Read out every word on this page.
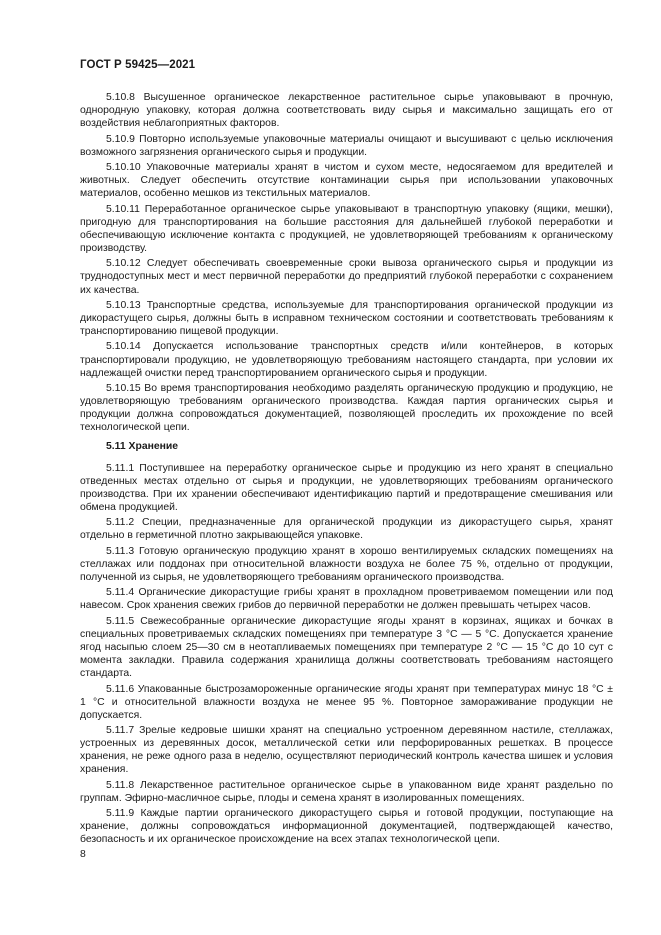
ГОСТ Р 59425—2021

5.10.8 Высушенное органическое лекарственное растительное сырье упаковывают в прочную, однородную упаковку, которая должна соответствовать виду сырья и максимально защищать его от воздействия неблагоприятных факторов.

5.10.9 Повторно используемые упаковочные материалы очищают и высушивают с целью исключения возможного загрязнения органического сырья и продукции.

5.10.10 Упаковочные материалы хранят в чистом и сухом месте, недосягаемом для вредителей и животных. Следует обеспечить отсутствие контаминации сырья при использовании упаковочных материалов, особенно мешков из текстильных материалов.

5.10.11 Переработанное органическое сырье упаковывают в транспортную упаковку (ящики, мешки), пригодную для транспортирования на большие расстояния для дальнейшей глубокой переработки и обеспечивающую исключение контакта с продукцией, не удовлетворяющей требованиям к органическому производству.

5.10.12 Следует обеспечивать своевременные сроки вывоза органического сырья и продукции из труднодоступных мест и мест первичной переработки до предприятий глубокой переработки с сохранением их качества.

5.10.13 Транспортные средства, используемые для транспортирования органической продукции из дикорастущего сырья, должны быть в исправном техническом состоянии и соответствовать требованиям к транспортированию пищевой продукции.

5.10.14 Допускается использование транспортных средств и/или контейнеров, в которых транспортировали продукцию, не удовлетворяющую требованиям настоящего стандарта, при условии их надлежащей очистки перед транспортированием органического сырья и продукции.

5.10.15 Во время транспортирования необходимо разделять органическую продукцию и продукцию, не удовлетворяющую требованиям органического производства. Каждая партия органических сырья и продукции должна сопровождаться документацией, позволяющей проследить их прохождение по всей технологической цепи.

5.11 Хранение

5.11.1 Поступившее на переработку органическое сырье и продукцию из него хранят в специально отведенных местах отдельно от сырья и продукции, не удовлетворяющих требованиям органического производства. При их хранении обеспечивают идентификацию партий и предотвращение смешивания или обмена продукцией.

5.11.2 Специи, предназначенные для органической продукции из дикорастущего сырья, хранят отдельно в герметичной плотно закрывающейся упаковке.

5.11.3 Готовую органическую продукцию хранят в хорошо вентилируемых складских помещениях на стеллажах или поддонах при относительной влажности воздуха не более 75 %, отдельно от продукции, полученной из сырья, не удовлетворяющего требованиям органического производства.

5.11.4 Органические дикорастущие грибы хранят в прохладном проветриваемом помещении или под навесом. Срок хранения свежих грибов до первичной переработки не должен превышать четырех часов.

5.11.5 Свежесобранные органические дикорастущие ягоды хранят в корзинах, ящиках и бочках в специальных проветриваемых складских помещениях при температуре 3 °С — 5 °С. Допускается хранение ягод насыпью слоем 25—30 см в неотапливаемых помещениях при температуре 2 °С — 15 °С до 10 сут с момента закладки. Правила содержания хранилища должны соответствовать требованиям настоящего стандарта.

5.11.6 Упакованные быстрозамороженные органические ягоды хранят при температурах минус 18 °С ± 1 °С и относительной влажности воздуха не менее 95 %. Повторное замораживание продукции не допускается.

5.11.7 Зрелые кедровые шишки хранят на специально устроенном деревянном настиле, стеллажах, устроенных из деревянных досок, металлической сетки или перфорированных решетках. В процессе хранения, не реже одного раза в неделю, осуществляют периодический контроль качества шишек и условия хранения.

5.11.8 Лекарственное растительное органическое сырье в упакованном виде хранят раздельно по группам. Эфирно-масличное сырье, плоды и семена хранят в изолированных помещениях.

5.11.9 Каждые партии органического дикорастущего сырья и готовой продукции, поступающие на хранение, должны сопровождаться информационной документацией, подтверждающей качество, безопасность и их органическое происхождение на всех этапах технологической цепи.

8
